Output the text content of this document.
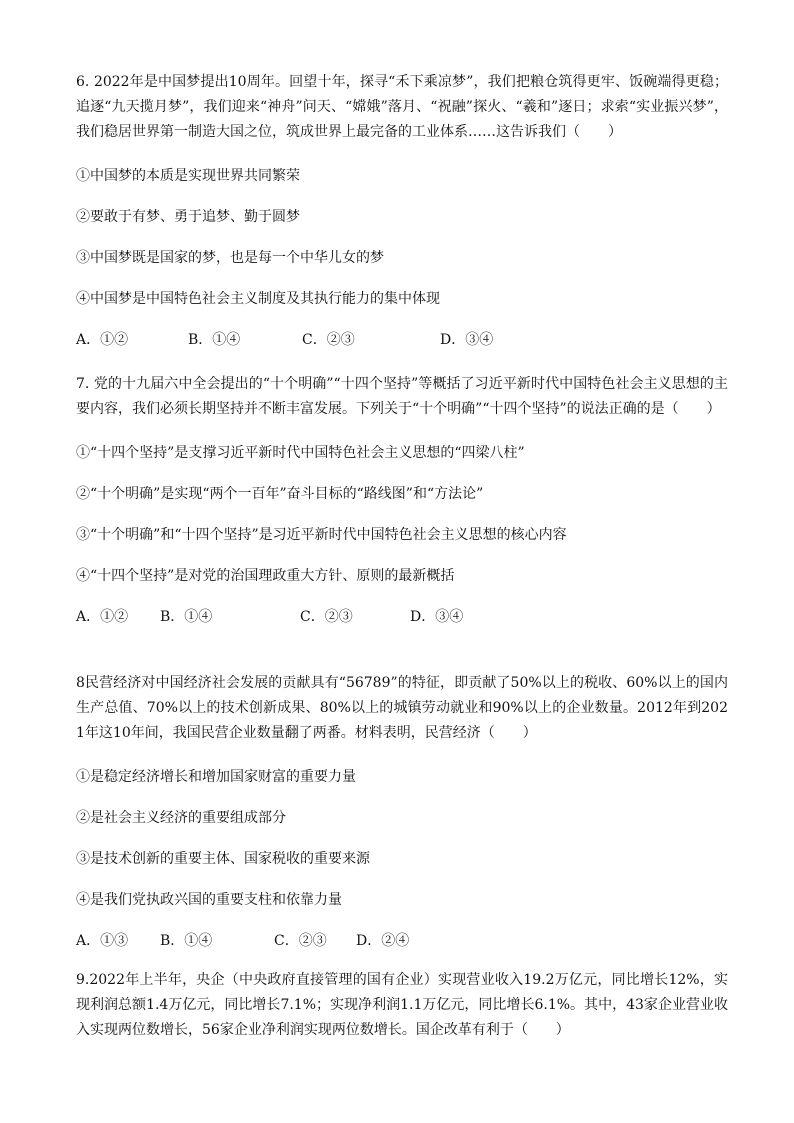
6. 2022年是中国梦提出10周年。回望十年，探寻“禾下乘凉梦”，我们把粮仓筑得更牢、饭碗端得更稳；追逐“九天揽月梦”，我们迎来“神舟”问天、“嫦娥”落月、“祝融”探火、“羲和”逐日；求索“实业振兴梦”，我们稳居世界第一制造大国之位，筑成世界上最完备的工业体系……这告诉我们（　　）

①中国梦的本质是实现世界共同繁荣
②要敢于有梦、勇于追梦、勤于圆梦
③中国梦既是国家的梦，也是每一个中华儿女的梦
④中国梦是中国特色社会主义制度及其执行能力的集中体现
A．①②	B．①④	C．②③	D．③④

7. 党的十九届六中全会提出的“十个明确”“十四个坚持”等概括了习近平新时代中国特色社会主义思想的主要内容，我们必须长期坚持并不断丰富发展。下列关于“十个明确”“十四个坚持”的说法正确的是（　　）

①“十四个坚持”是支撑习近平新时代中国特色社会主义思想的“四梁八柱”
②“十个明确”是实现“两个一百年”奋斗目标的“路线图”和“方法论”
③“十个明确”和“十四个坚持”是习近平新时代中国特色社会主义思想的核心内容
④“十四个坚持”是对党的治国理政重大方针、原则的最新概括
A．①②	B．①④	C．②③	D．③④

8民营经济对中国经济社会发展的贡献具有“56789”的特征，即贡献了50%以上的税收、60%以上的国内生产总值、70%以上的技术创新成果、80%以上的城镇劳动就业和90%以上的企业数量。2012年到2021年这10年间，我国民营企业数量翻了两番。材料表明，民营经济（　　）

①是稳定经济增长和增加国家财富的重要力量
②是社会主义经济的重要组成部分
③是技术创新的重要主体、国家税收的重要来源
④是我们党执政兴国的重要支柱和依靠力量
A．①③	B．①④	C．②③	D．②④

9.2022年上半年，央企（中央政府直接管理的国有企业）实现营业收入19.2万亿元，同比增长12%，实现利润总额1.4万亿元，同比增长7.1%；实现净利润1.1万亿元，同比增长6.1%。其中，43家企业营业收入实现两位数增长，56家企业净利润实现两位数增长。国企改革有利于（　　）
